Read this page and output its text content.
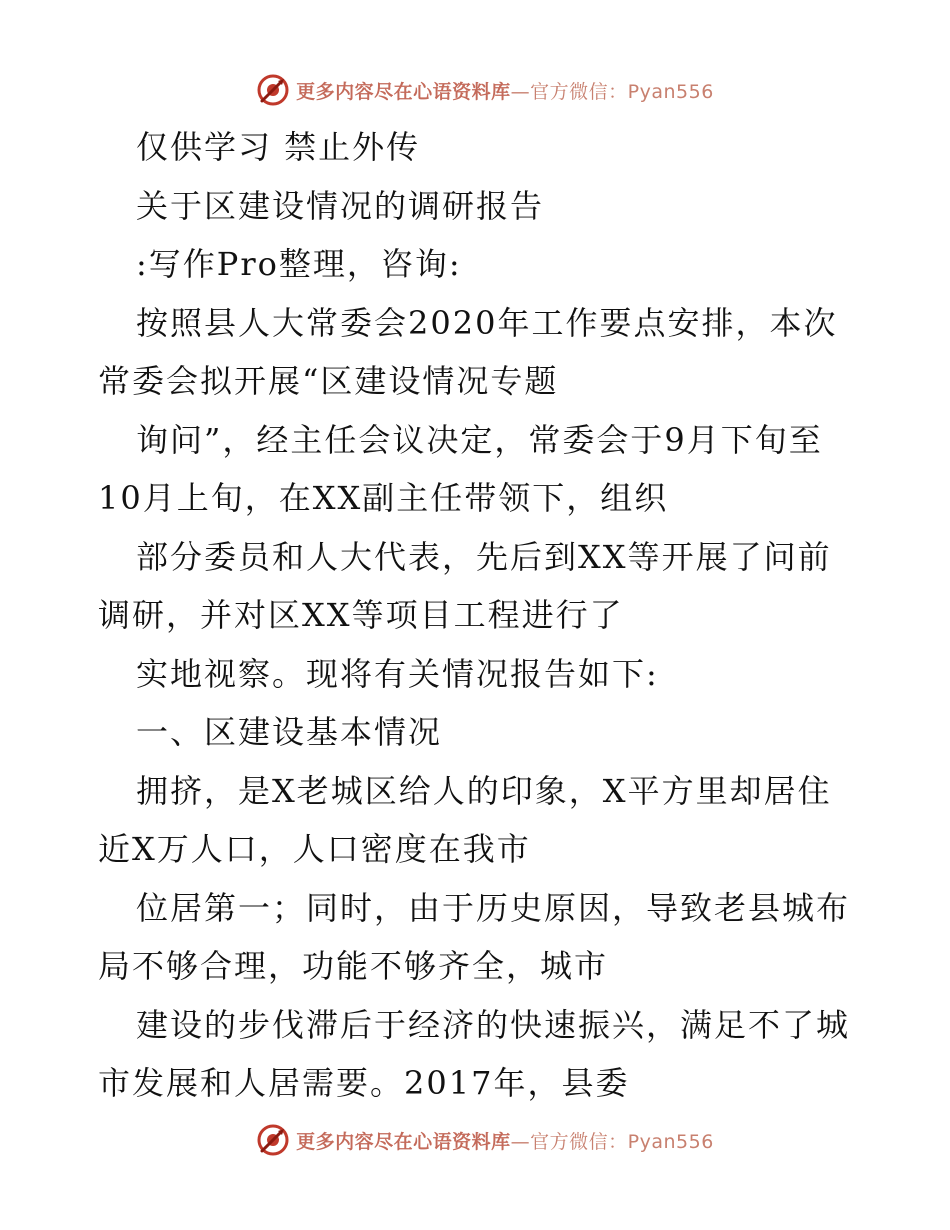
更多内容尽在心语资料库—官方微信：Pyan556
仅供学习 禁止外传
关于区建设情况的调研报告
:写作Pro整理，咨询:
按照县人大常委会2020年工作要点安排，本次
常委会拟开展“区建设情况专题
询问”，经主任会议决定，常委会于9月下旬至
10月上旬，在XX副主任带领下，组织
部分委员和人大代表，先后到XX等开展了问前
调研，并对区XX等项目工程进行了
实地视察。现将有关情况报告如下:
一、区建设基本情况
拥挤，是X老城区给人的印象，X平方里却居住
近X万人口，人口密度在我市
位居第一；同时，由于历史原因，导致老县城布
局不够合理，功能不够齐全，城市
建设的步伐滞后于经济的快速振兴，满足不了城
市发展和人居需要。2017年，县委
更多内容尽在心语资料库—官方微信：Pyan556
